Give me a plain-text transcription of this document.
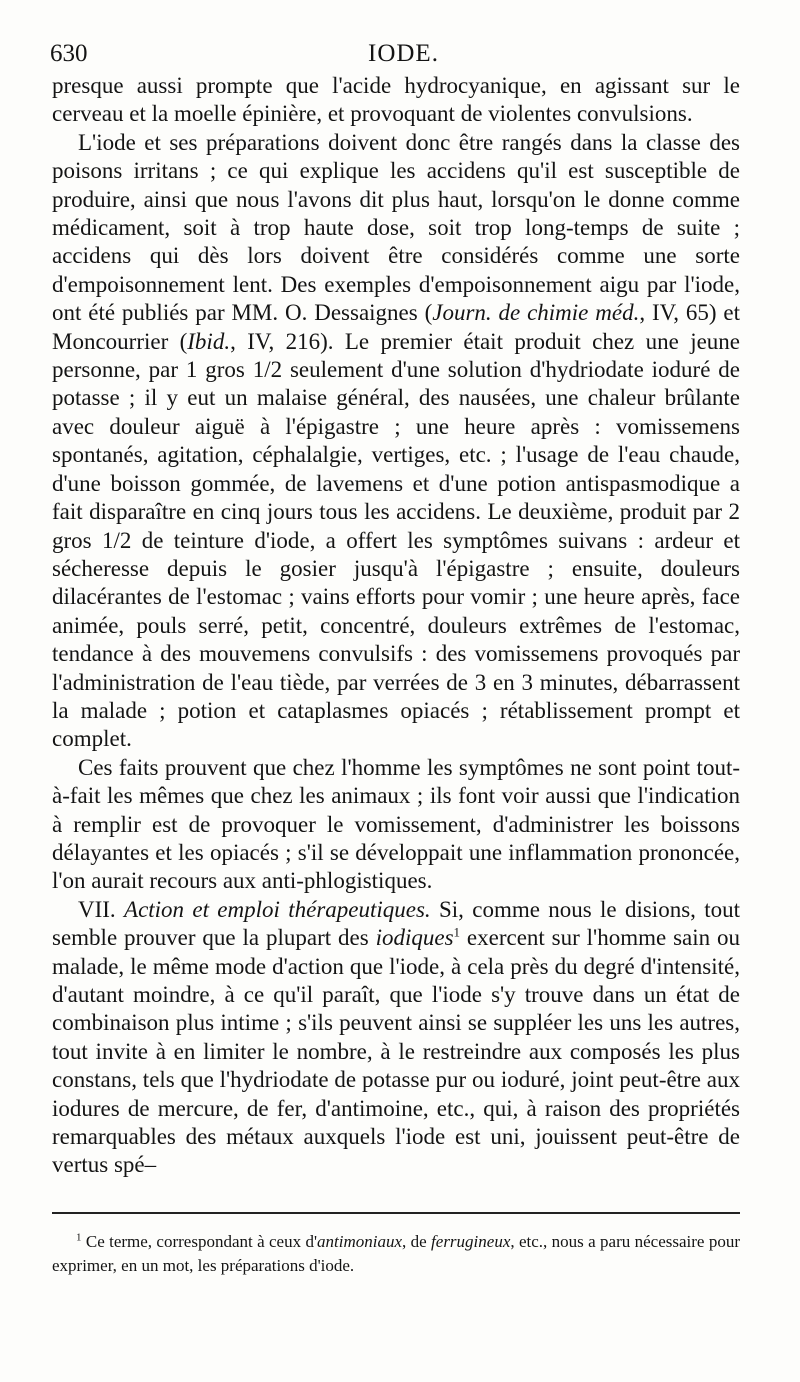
630	IODE.

presque aussi prompte que l'acide hydrocyanique, en agissant sur le cerveau et la moelle épinière, et provoquant de violentes convulsions.

L'iode et ses préparations doivent donc être rangés dans la classe des poisons irritans ; ce qui explique les accidens qu'il est susceptible de produire, ainsi que nous l'avons dit plus haut, lorsqu'on le donne comme médicament, soit à trop haute dose, soit trop long-temps de suite ; accidens qui dès lors doivent être considérés comme une sorte d'empoisonnement lent. Des exemples d'empoisonnement aigu par l'iode, ont été publiés par MM. O. Dessaignes (Journ. de chimie méd., IV, 65) et Moncourrier (Ibid., IV, 216). Le premier était produit chez une jeune personne, par 1 gros 1/2 seulement d'une solution d'hydriodate ioduré de potasse ; il y eut un malaise général, des nausées, une chaleur brûlante avec douleur aiguë à l'épigastre ; une heure après : vomissemens spontanés, agitation, céphalalgie, vertiges, etc. ; l'usage de l'eau chaude, d'une boisson gommée, de lavemens et d'une potion antispasmodique a fait disparaître en cinq jours tous les accidens. Le deuxième, produit par 2 gros 1/2 de teinture d'iode, a offert les symptômes suivans : ardeur et sécheresse depuis le gosier jusqu'à l'épigastre ; ensuite, douleurs dilacérantes de l'estomac ; vains efforts pour vomir ; une heure après, face animée, pouls serré, petit, concentré, douleurs extrêmes de l'estomac, tendance à des mouvemens convulsifs : des vomissemens provoqués par l'administration de l'eau tiède, par verrées de 3 en 3 minutes, débarrassent la malade ; potion et cataplasmes opiacés ; rétablissement prompt et complet.

Ces faits prouvent que chez l'homme les symptômes ne sont point tout-à-fait les mêmes que chez les animaux ; ils font voir aussi que l'indication à remplir est de provoquer le vomissement, d'administrer les boissons délayantes et les opiacés ; s'il se développait une inflammation prononcée, l'on aurait recours aux anti-phlogistiques.

VII. Action et emploi thérapeutiques. Si, comme nous le disions, tout semble prouver que la plupart des iodiques$^1$ exercent sur l'homme sain ou malade, le même mode d'action que l'iode, à cela près du degré d'intensité, d'autant moindre, à ce qu'il paraît, que l'iode s'y trouve dans un état de combinaison plus intime ; s'ils peuvent ainsi se suppléer les uns les autres, tout invite à en limiter le nombre, à le restreindre aux composés les plus constans, tels que l'hydriodate de potasse pur ou ioduré, joint peut-être aux iodures de mercure, de fer, d'antimoine, etc., qui, à raison des propriétés remarquables des métaux auxquels l'iode est uni, jouissent peut-être de vertus spé–

$^1$ Ce terme, correspondant à ceux d'antimoniaux, de ferrugineux, etc., nous a paru nécessaire pour exprimer, en un mot, les préparations d'iode.
